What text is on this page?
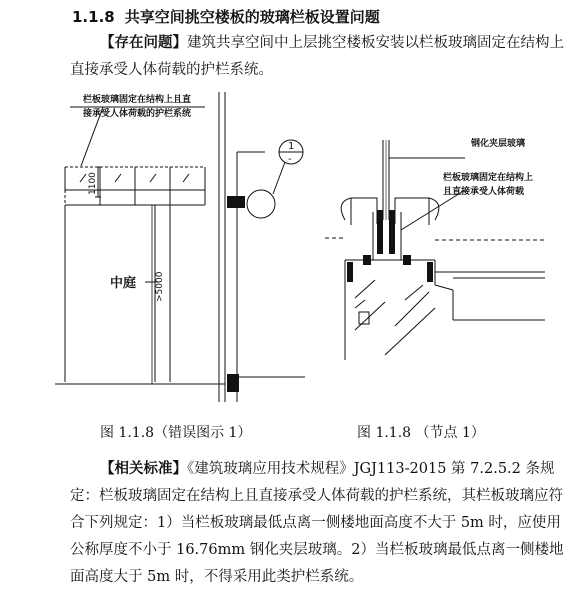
1.1.8 共享空间挑空楼板的玻璃栏板设置问题
【存在问题】建筑共享空间中上层挑空楼板安装以栏板玻璃固定在结构上直接承受人体荷载的护栏系统。
栏板玻璃固定在结构上且直
接承受人体荷载的护栏系统
1100
>5000
中庭
1
-
钢化夹层玻璃
栏板玻璃固定在结构上
且直接承受人体荷载
图 1.1.8（错误图示 1）	图 1.1.8 （节点 1）
【相关标准】《建筑玻璃应用技术规程》JGJ113-2015 第 7.2.5.2 条规定：栏板玻璃固定在结构上且直接承受人体荷载的护栏系统，其栏板玻璃应符合下列规定：1）当栏板玻璃最低点离一侧楼地面高度不大于 5m 时，应使用公称厚度不小于 16.76mm 钢化夹层玻璃。2）当栏板玻璃最低点离一侧楼地面高度大于 5m 时，不得采用此类护栏系统。
